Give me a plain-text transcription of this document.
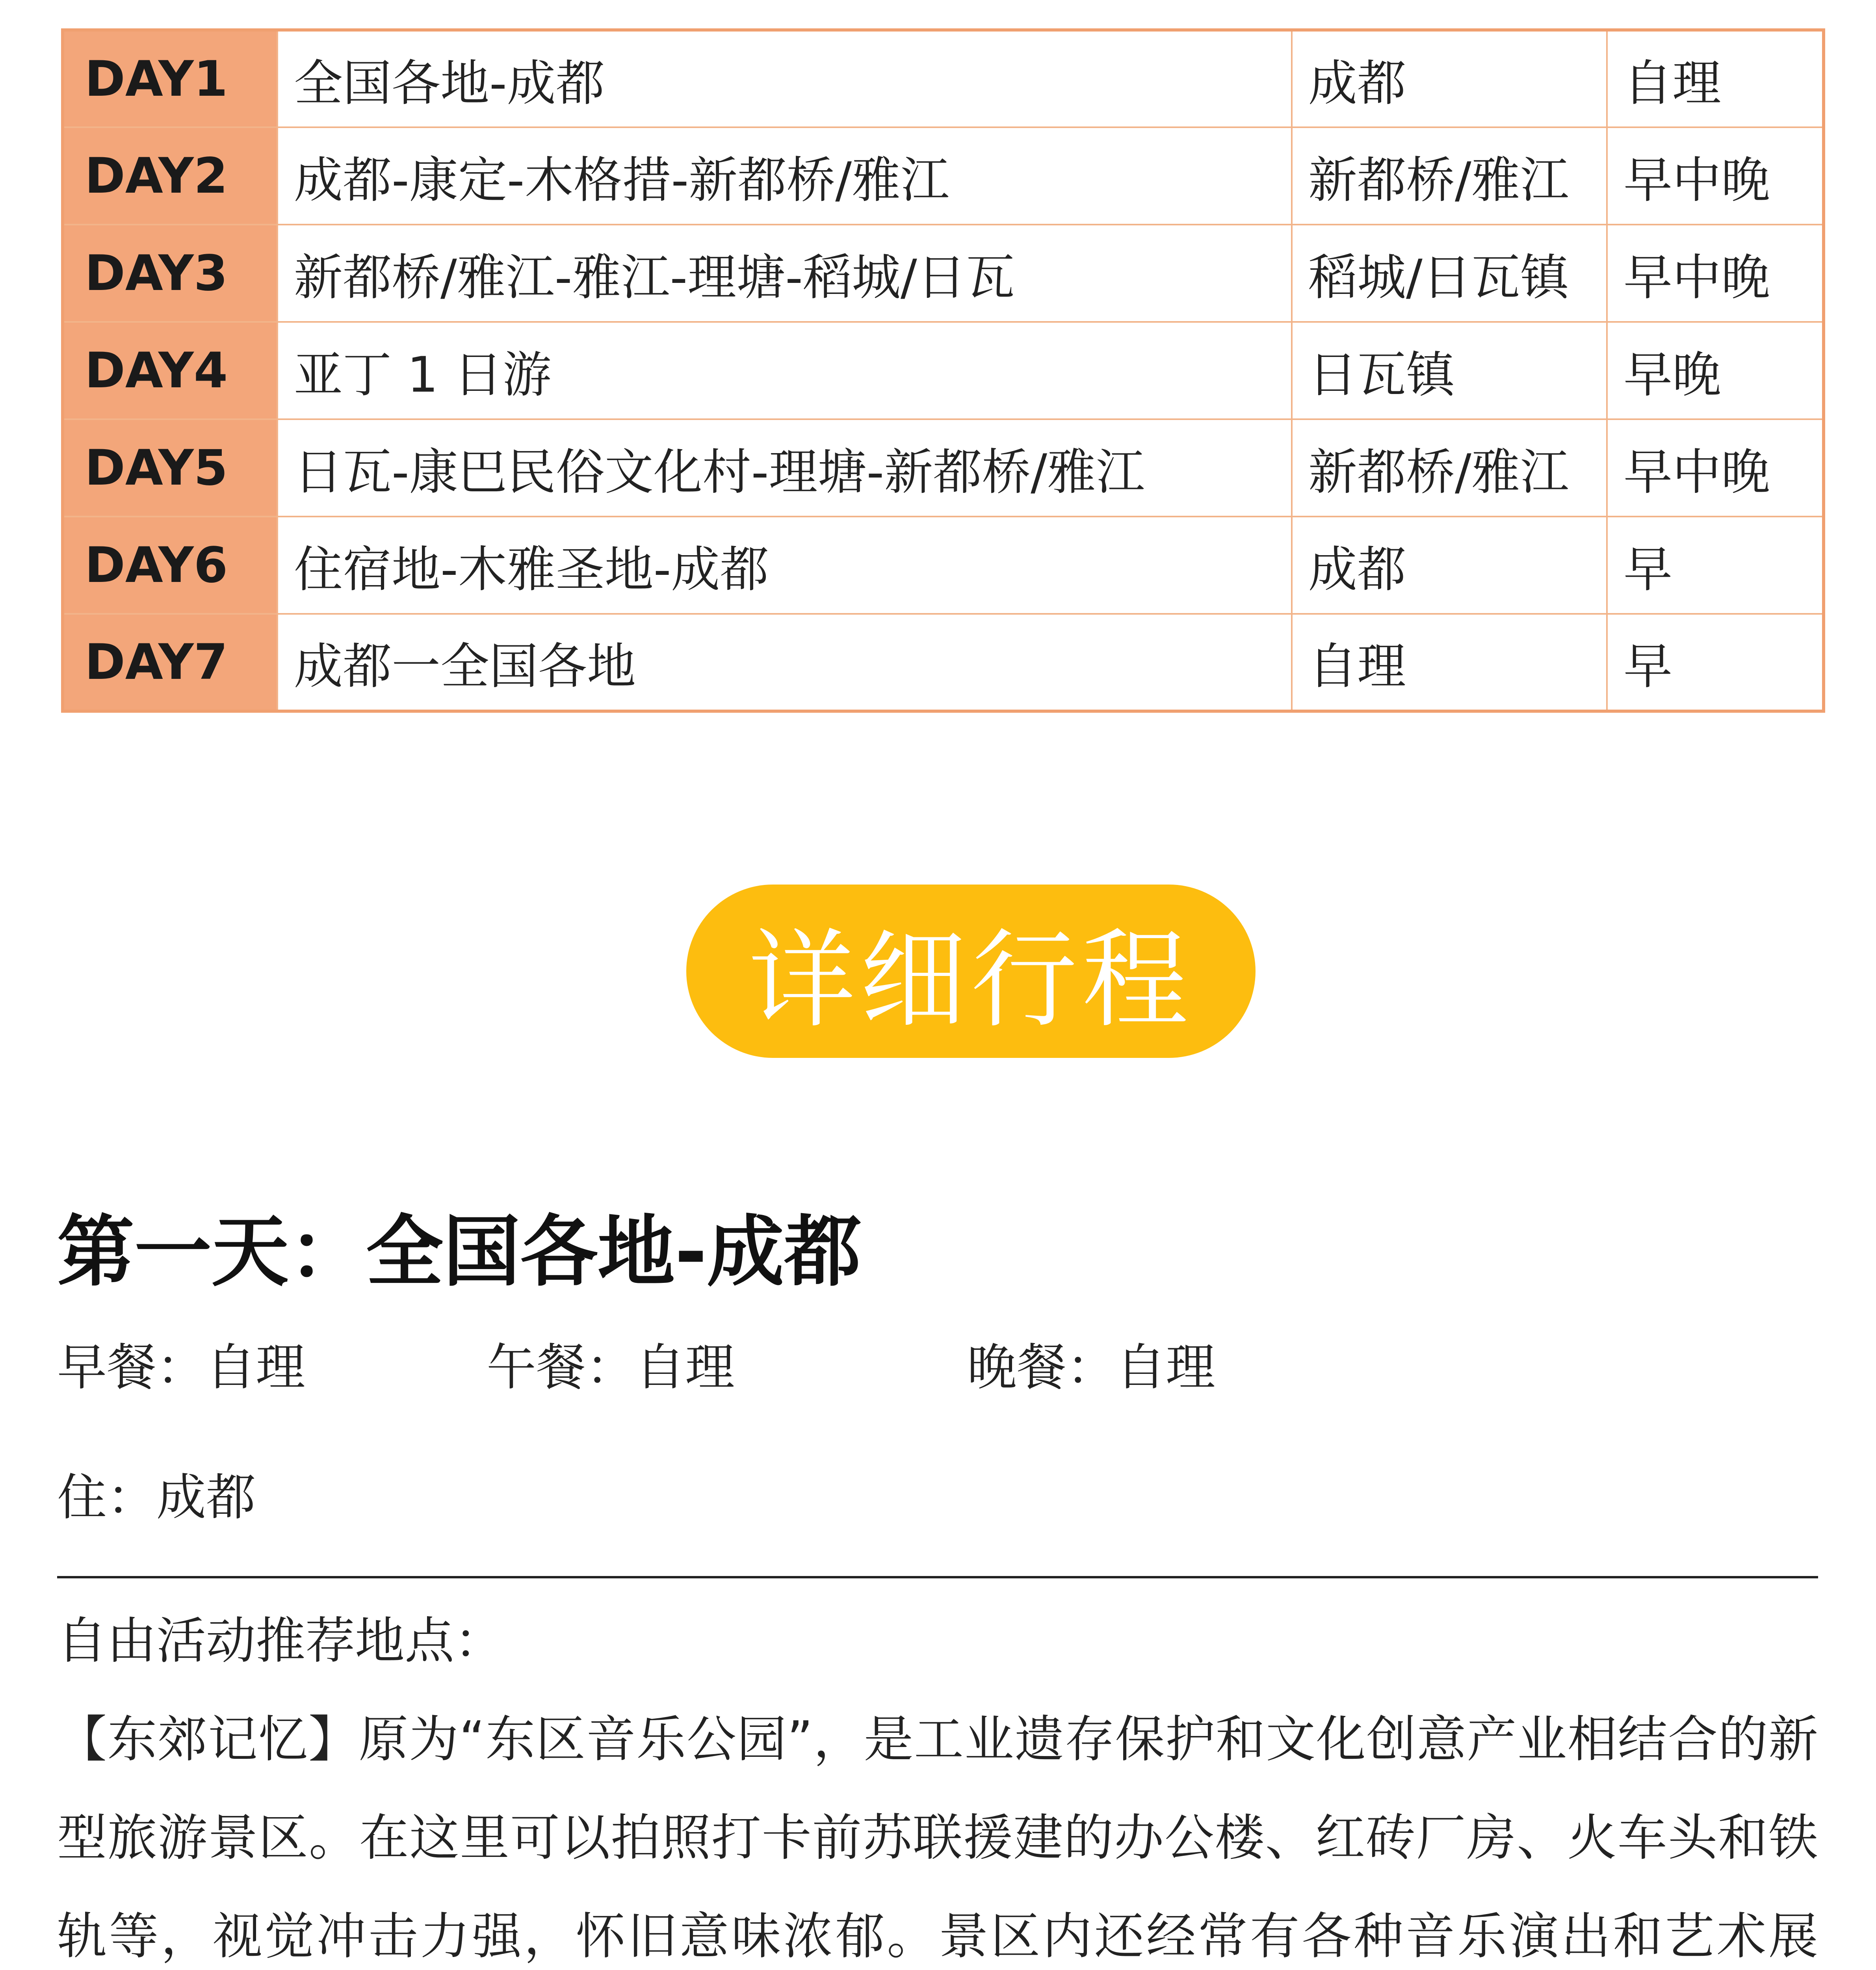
DAY1	全国各地-成都	成都	自理
DAY2	成都-康定-木格措-新都桥/雅江	新都桥/雅江	早中晚
DAY3	新都桥/雅江-雅江-理塘-稻城/日瓦	稻城/日瓦镇	早中晚
DAY4	亚丁 1 日游	日瓦镇	早晚
DAY5	日瓦-康巴民俗文化村-理塘-新都桥/雅江	新都桥/雅江	早中晚
DAY6	住宿地-木雅圣地-成都	成都	早
DAY7	成都一全国各地	自理	早
详细行程
第一天：全国各地-成都
早餐：自理	午餐：自理	晚餐：自理
住：成都

自由活动推荐地点：

【东郊记忆】原为“东区音乐公园”，是工业遗存保护和文化创意产业相结合的新型旅游景区。在这里可以拍照打卡前苏联援建的办公楼、红砖厂房、火车头和铁轨等，视觉冲击力强，怀旧意味浓郁。景区内还经常有各种音乐演出和艺术展
